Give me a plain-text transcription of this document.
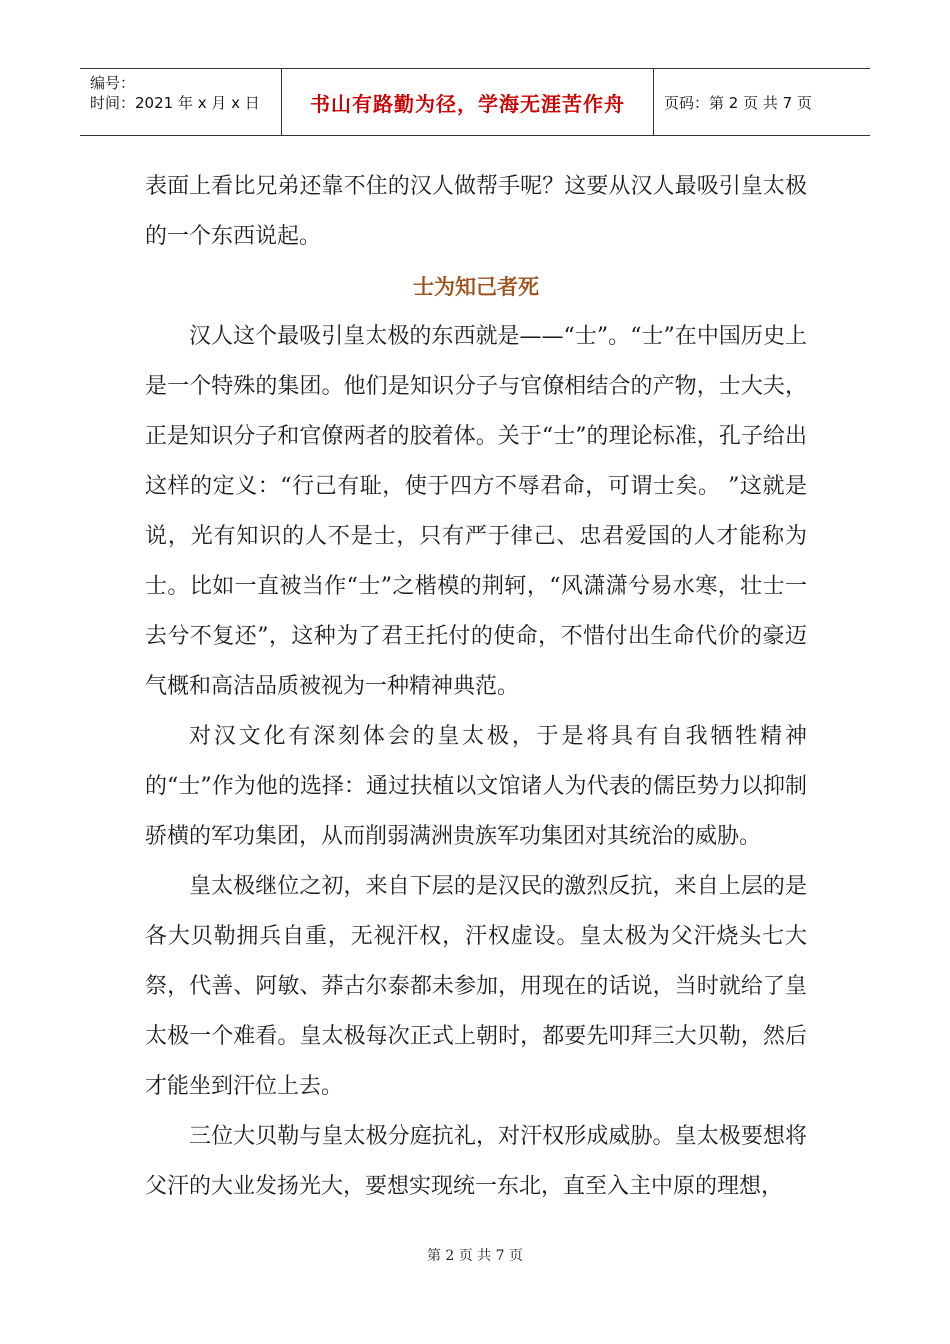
编号：
时间：2021 年 x 月 x 日	书山有路勤为径，学海无涯苦作舟	页码：第 2 页 共 7 页

表面上看比兄弟还靠不住的汉人做帮手呢？这要从汉人最吸引皇太极的一个东西说起。

士为知己者死

汉人这个最吸引皇太极的东西就是——“士”。“士”在中国历史上是一个特殊的集团。他们是知识分子与官僚相结合的产物，士大夫，正是知识分子和官僚两者的胶着体。关于“士”的理论标准，孔子给出这样的定义：“行己有耻，使于四方不辱君命，可谓士矣。 ”这就是说，光有知识的人不是士，只有严于律己、忠君爱国的人才能称为士。比如一直被当作“士”之楷模的荆轲，“风潇潇兮易水寒，壮士一去兮不复还”，这种为了君王托付的使命，不惜付出生命代价的豪迈气概和高洁品质被视为一种精神典范。

对汉文化有深刻体会的皇太极，于是将具有自我牺牲精神的“士”作为他的选择：通过扶植以文馆诸人为代表的儒臣势力以抑制骄横的军功集团，从而削弱满洲贵族军功集团对其统治的威胁。

皇太极继位之初，来自下层的是汉民的激烈反抗，来自上层的是各大贝勒拥兵自重，无视汗权，汗权虚设。皇太极为父汗烧头七大祭，代善、阿敏、莽古尔泰都未参加，用现在的话说，当时就给了皇太极一个难看。皇太极每次正式上朝时，都要先叩拜三大贝勒，然后才能坐到汗位上去。

三位大贝勒与皇太极分庭抗礼，对汗权形成威胁。皇太极要想将父汗的大业发扬光大，要想实现统一东北，直至入主中原的理想，

第 2 页 共 7 页
